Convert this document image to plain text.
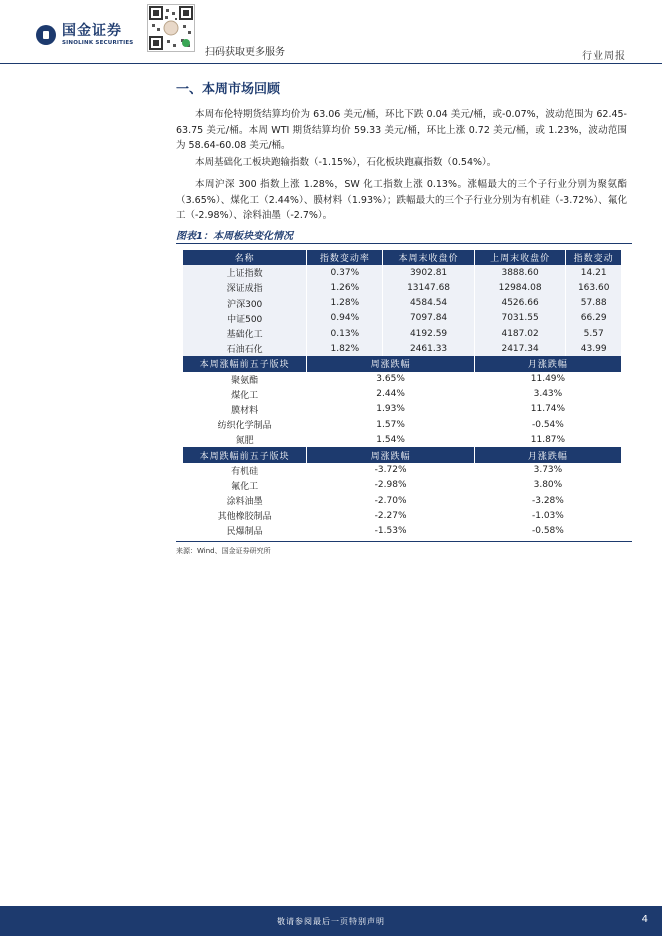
国金证券
SINOLINK SECURITIES
扫码获取更多服务	行业周报
一、本周市场回顾

本周布伦特期货结算均价为 63.06 美元/桶，环比下跌 0.04 美元/桶，或-0.07%，波动范围为 62.45-63.75 美元/桶。本周 WTI 期货结算均价 59.33 美元/桶，环比上涨 0.72 美元/桶，或 1.23%，波动范围为 58.64-60.08 美元/桶。

本周基础化工板块跑输指数（-1.15%），石化板块跑赢指数（0.54%）。

本周沪深 300 指数上涨 1.28%，SW 化工指数上涨 0.13%。涨幅最大的三个子行业分别为聚氨酯（3.65%）、煤化工（2.44%）、膜材料（1.93%）；跌幅最大的三个子行业分别为有机硅（-3.72%）、氟化工（-2.98%）、涂料油墨（-2.7%）。

图表1：本周板块变化情况
名称	指数变动率	本周末收盘价	上周末收盘价	指数变动
上证指数	0.37%	3902.81	3888.60	14.21
深证成指	1.26%	13147.68	12984.08	163.60
沪深300	1.28%	4584.54	4526.66	57.88
中证500	0.94%	7097.84	7031.55	66.29
基础化工	0.13%	4192.59	4187.02	5.57
石油石化	1.82%	2461.33	2417.34	43.99
本周涨幅前五子版块	周涨跌幅		月涨跌幅	
聚氨酯	3.65%		11.49%	
煤化工	2.44%		3.43%	
膜材料	1.93%		11.74%	
纺织化学制品	1.57%		-0.54%	
氮肥	1.54%		11.87%	
本周跌幅前五子版块	周涨跌幅		月涨跌幅	
有机硅	-3.72%		3.73%	
氟化工	-2.98%		3.80%	
涂料油墨	-2.70%		-3.28%	
其他橡胶制品	-2.27%		-1.03%	
民爆制品	-1.53%		-0.58%	
来源：Wind、国金证券研究所
敬请参阅最后一页特别声明	4
